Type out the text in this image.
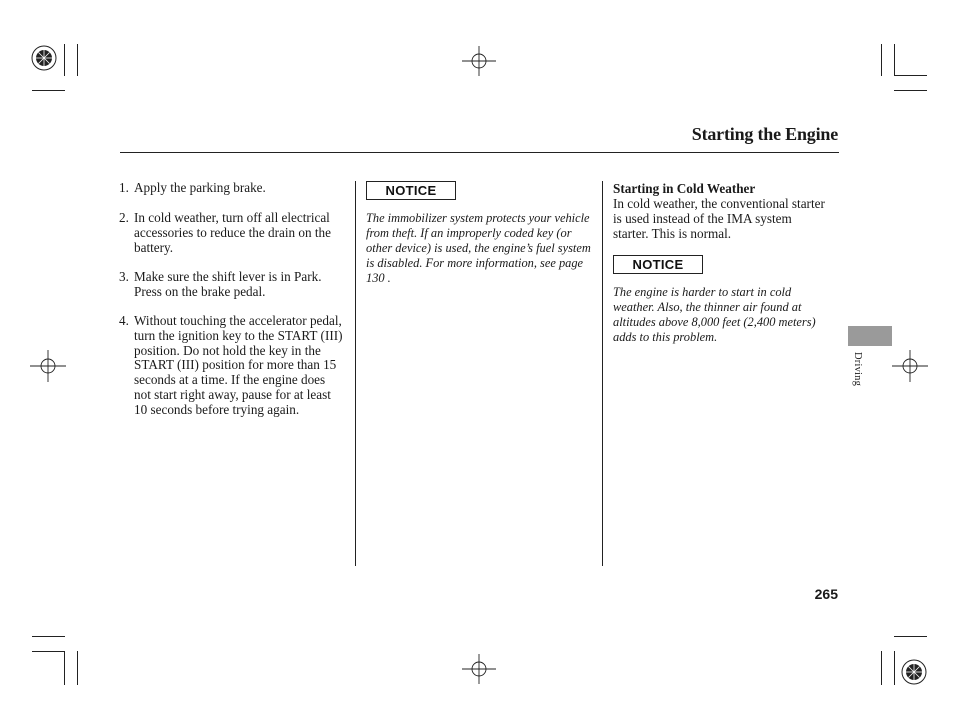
Starting the Engine
1. Apply the parking brake.
2. In cold weather, turn off all electrical accessories to reduce the drain on the battery.
3. Make sure the shift lever is in Park. Press on the brake pedal.
4. Without touching the accelerator pedal, turn the ignition key to the START (III) position. Do not hold the key in the START (III) position for more than 15 seconds at a time. If the engine does not start right away, pause for at least 10 seconds before trying again.
NOTICE
The immobilizer system protects your vehicle from theft. If an improperly coded key (or other device) is used, the engine’s fuel system is disabled. For more information, see page 130 .
Starting in Cold Weather
In cold weather, the conventional starter is used instead of the IMA system starter. This is normal.
NOTICE
The engine is harder to start in cold weather. Also, the thinner air found at altitudes above 8,000 feet (2,400 meters) adds to this problem.
Driving
265
